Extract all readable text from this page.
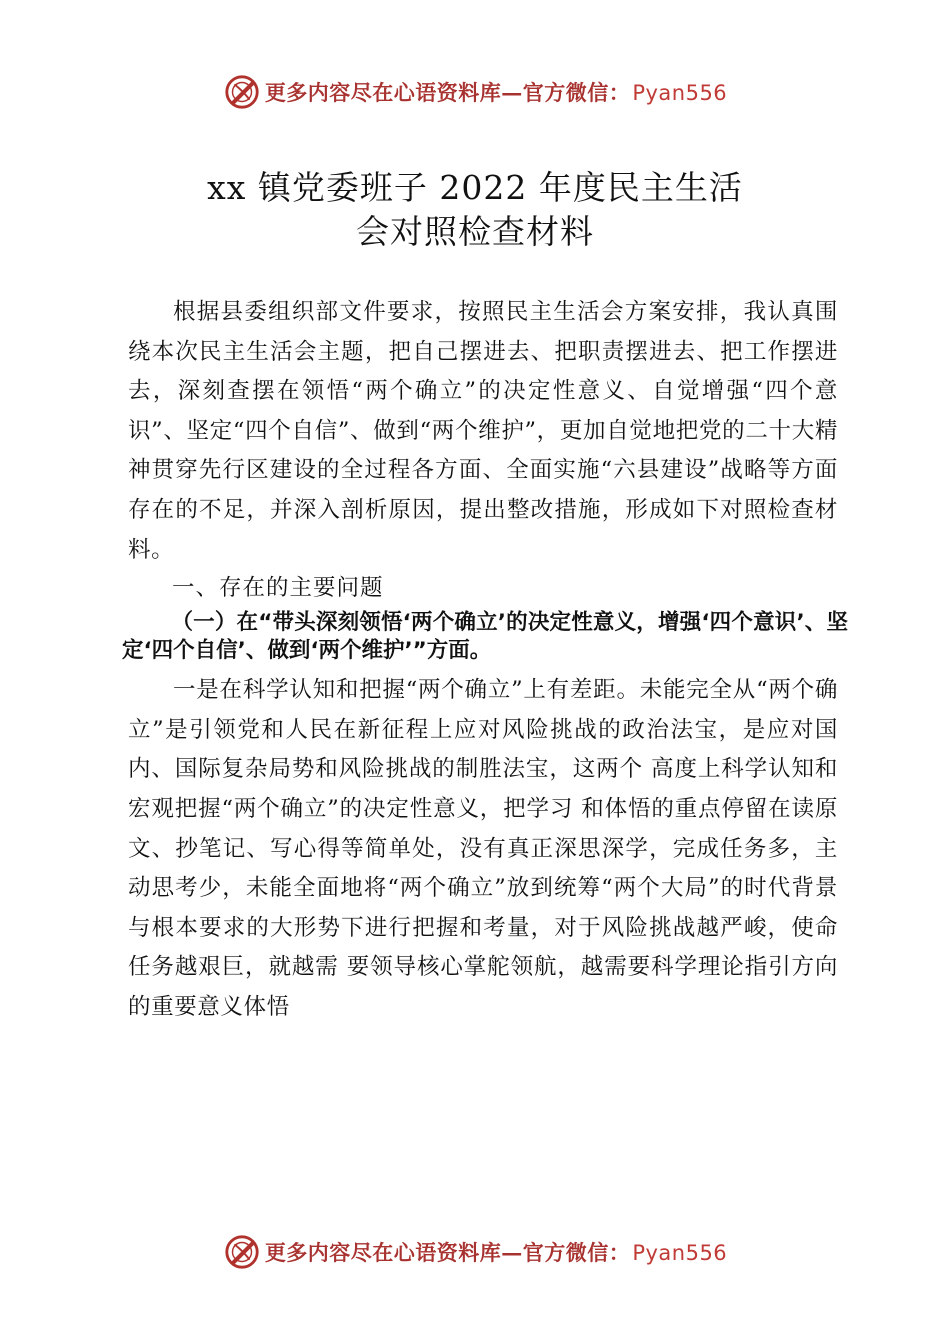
更多内容尽在心语资料库—官方微信：Pyan556
xx 镇党委班子 2022 年度民主生活
会对照检查材料

根据县委组织部文件要求，按照民主生活会方案安排，我认真围绕本次民主生活会主题，把自己摆进去、把职责摆进去、把工作摆进去，深刻查摆在领悟“两个确立”的决定性意义、自觉增强“四个意识”、坚定“四个自信”、做到“两个维护”，更加自觉地把党的二十大精神贯穿先行区建设的全过程各方面、全面实施“六县建设”战略等方面存在的不足，并深入剖析原因，提出整改措施，形成如下对照检查材料。

一、存在的主要问题

（一）在“带头深刻领悟‘两个确立’的决定性意义，增强‘四个意识’、坚定‘四个自信’、做到‘两个维护’”方面。

一是在科学认知和把握“两个确立”上有差距。未能完全从“两个确立”是引领党和人民在新征程上应对风险挑战的政治法宝，是应对国内、国际复杂局势和风险挑战的制胜法宝，这两个 高度上科学认知和宏观把握“两个确立”的决定性意义，把学习 和体悟的重点停留在读原文、抄笔记、写心得等简单处，没有真正深思深学，完成任务多，主动思考少，未能全面地将“两个确立”放到统筹“两个大局”的时代背景与根本要求的大形势下进行把握和考量，对于风险挑战越严峻，使命任务越艰巨，就越需 要领导核心掌舵领航，越需要科学理论指引方向的重要意义体悟

更多内容尽在心语资料库—官方微信：Pyan556
